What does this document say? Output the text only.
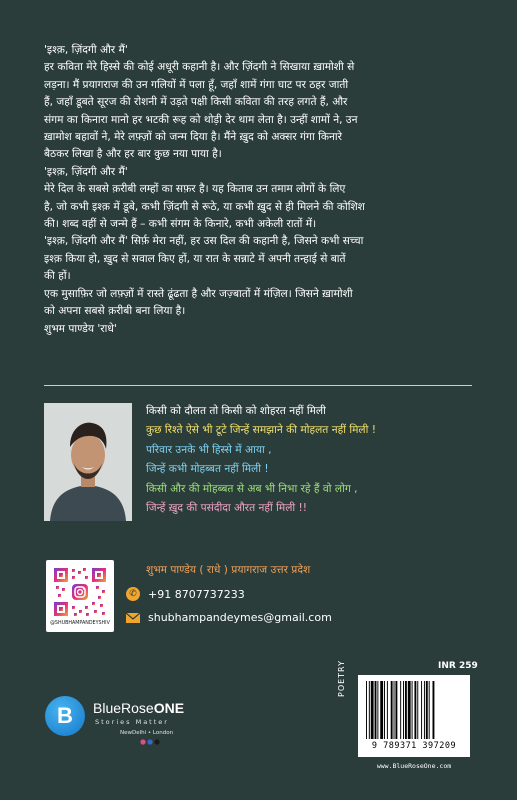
'इश्क़, ज़िंदगी और मैं'

हर कविता मेरे हिस्से की कोई अधूरी कहानी है। और ज़िंदगी ने सिखाया ख़ामोशी से

लड़ना। मैं प्रयागराज की उन गलियों में पला हूँ, जहाँ शामें गंगा घाट पर ठहर जाती

हैं, जहाँ डूबते सूरज की रोशनी में उड़ते पक्षी किसी कविता की तरह लगते हैं, और

संगम का किनारा मानो हर भटकी रूह को थोड़ी देर थाम लेता है। उन्हीं शामों ने, उन

ख़ामोश बहावों ने, मेरे लफ़्ज़ों को जन्म दिया है। मैंने ख़ुद को अक्सर गंगा किनारे

बैठकर लिखा है और हर बार कुछ नया पाया है।

'इश्क़, ज़िंदगी और मैं'

मेरे दिल के सबसे क़रीबी लम्हों का सफ़र है। यह किताब उन तमाम लोगों के लिए

है, जो कभी इश्क़ में डूबे, कभी ज़िंदगी से रूठे, या कभी ख़ुद से ही मिलने की कोशिश

की। शब्द वहीं से जन्मे हैं – कभी संगम के किनारे, कभी अकेली रातों में।

'इश्क़, ज़िंदगी और मैं' सिर्फ़ मेरा नहीं, हर उस दिल की कहानी है, जिसने कभी सच्चा

इश्क़ किया हो, ख़ुद से सवाल किए हों, या रात के सन्नाटे में अपनी तन्हाई से बातें

की हों।

एक मुसाफ़िर जो लफ़्ज़ों में रास्ते ढूंढता है और जज़्बातों में मंज़िल। जिसने ख़ामोशी

को अपना सबसे क़रीबी बना लिया है।

शुभम पाण्डेय 'राधे'

किसी को दौलत तो किसी को शोहरत नहीं मिली
कुछ रिश्ते ऐसे भी टूटे जिन्हें समझाने की मोहलत नहीं मिली !
परिवार उनके भी हिस्से में आया ,
जिन्हें कभी मोहब्बत नहीं मिली !
किसी और की मोहब्बत से अब भी निभा रहे हैं वो लोग ,
जिन्हें ख़ुद की पसंदीदा औरत नहीं मिली !!
@SHUBHAMPANDEYSHIV
शुभम पाण्डेय ( राधे ) प्रयागराज उत्तर प्रदेश
✆ +91 8707737233
shubhampandeymes@gmail.com
B BlueRoseONE
Stories Matter
NewDelhi • London
INR 259
POETRY
9 789371 397209
www.BlueRoseOne.com
